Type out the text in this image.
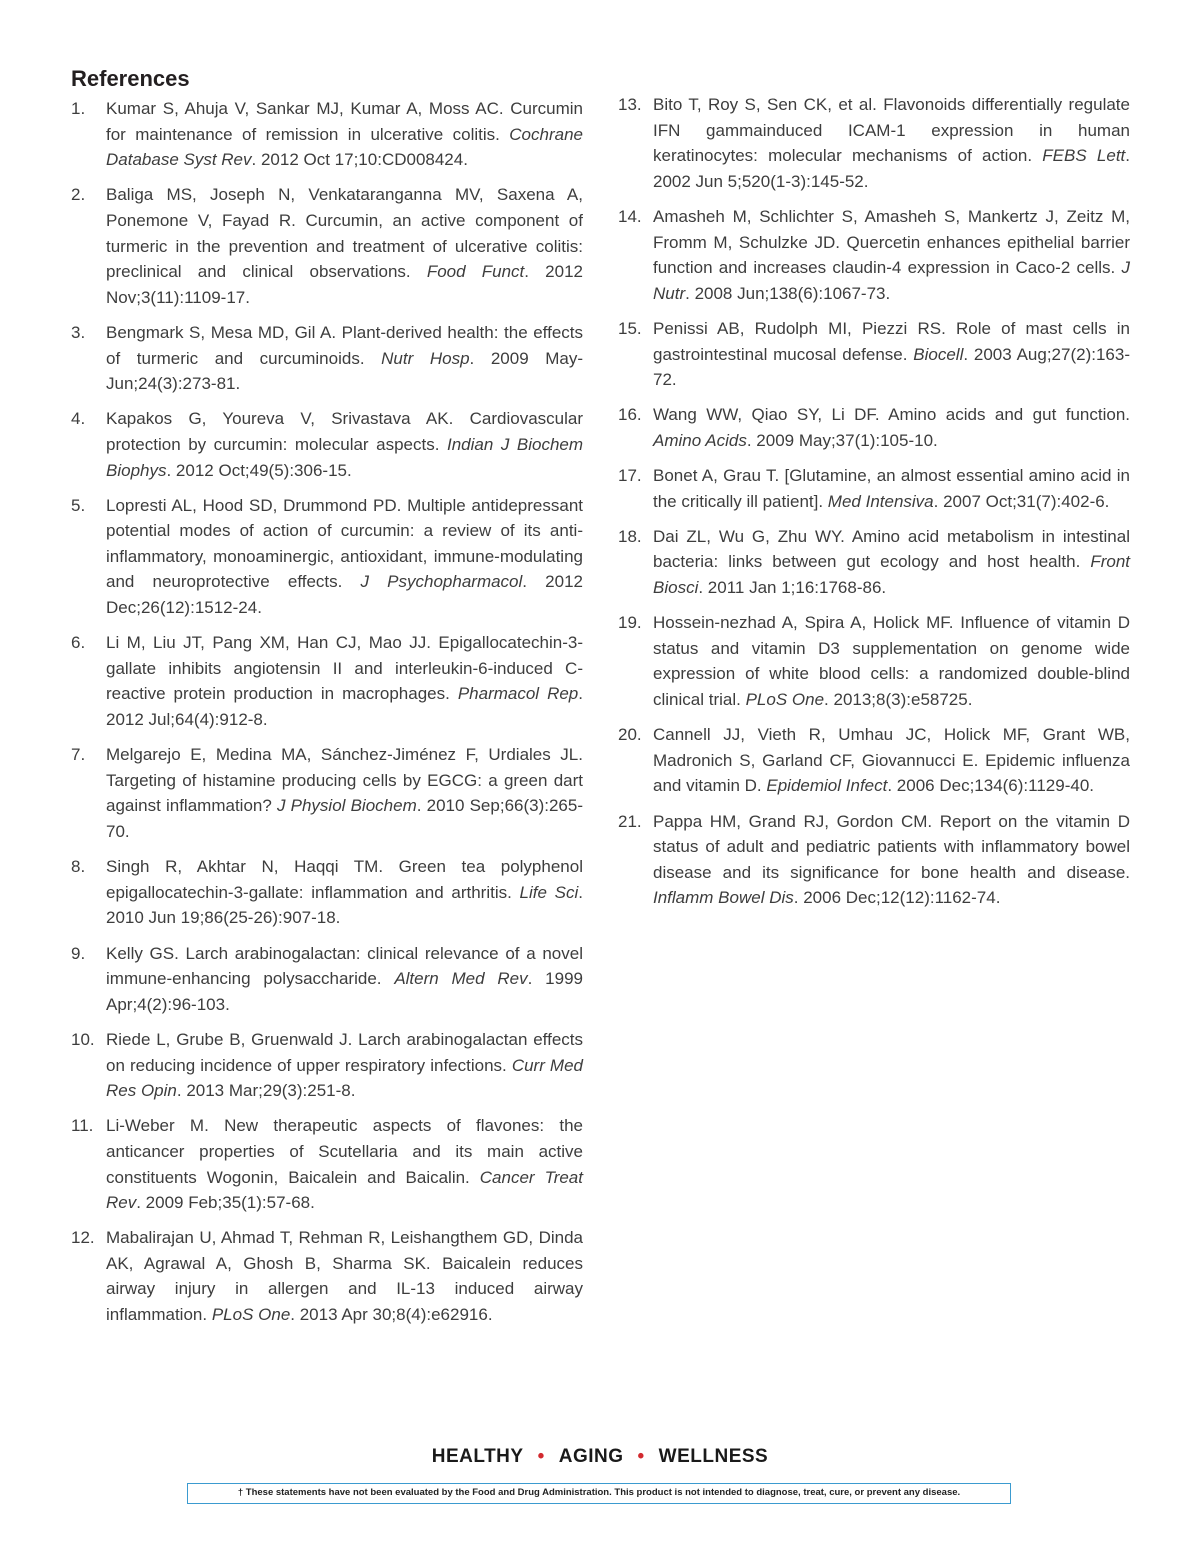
References
1. Kumar S, Ahuja V, Sankar MJ, Kumar A, Moss AC. Curcumin for maintenance of remission in ulcerative colitis. Cochrane Database Syst Rev. 2012 Oct 17;10:CD008424.
2. Baliga MS, Joseph N, Venkataranganna MV, Saxena A, Ponemone V, Fayad R. Curcumin, an active component of turmeric in the prevention and treatment of ulcerative colitis: preclinical and clinical observations. Food Funct. 2012 Nov;3(11):1109-17.
3. Bengmark S, Mesa MD, Gil A. Plant-derived health: the effects of turmeric and curcuminoids. Nutr Hosp. 2009 May-Jun;24(3):273-81.
4. Kapakos G, Youreva V, Srivastava AK. Cardiovascular protection by curcumin: molecular aspects. Indian J Biochem Biophys. 2012 Oct;49(5):306-15.
5. Lopresti AL, Hood SD, Drummond PD. Multiple antidepressant potential modes of action of curcumin: a review of its anti-inflammatory, monoaminergic, antioxidant, immune-modulating and neuroprotective effects. J Psychopharmacol. 2012 Dec;26(12):1512-24.
6. Li M, Liu JT, Pang XM, Han CJ, Mao JJ. Epigallocatechin-3-gallate inhibits angiotensin II and interleukin-6-induced C-reactive protein production in macrophages. Pharmacol Rep. 2012 Jul;64(4):912-8.
7. Melgarejo E, Medina MA, Sánchez-Jiménez F, Urdiales JL. Targeting of histamine producing cells by EGCG: a green dart against inflammation? J Physiol Biochem. 2010 Sep;66(3):265-70.
8. Singh R, Akhtar N, Haqqi TM. Green tea polyphenol epigallocatechin-3-gallate: inflammation and arthritis. Life Sci. 2010 Jun 19;86(25-26):907-18.
9. Kelly GS. Larch arabinogalactan: clinical relevance of a novel immune-enhancing polysaccharide. Altern Med Rev. 1999 Apr;4(2):96-103.
10. Riede L, Grube B, Gruenwald J. Larch arabinogalactan effects on reducing incidence of upper respiratory infections. Curr Med Res Opin. 2013 Mar;29(3):251-8.
11. Li-Weber M. New therapeutic aspects of flavones: the anticancer properties of Scutellaria and its main active constituents Wogonin, Baicalein and Baicalin. Cancer Treat Rev. 2009 Feb;35(1):57-68.
12. Mabalirajan U, Ahmad T, Rehman R, Leishangthem GD, Dinda AK, Agrawal A, Ghosh B, Sharma SK. Baicalein reduces airway injury in allergen and IL-13 induced airway inflammation. PLoS One. 2013 Apr 30;8(4):e62916.
13. Bito T, Roy S, Sen CK, et al. Flavonoids differentially regulate IFN gammainduced ICAM-1 expression in human keratinocytes: molecular mechanisms of action. FEBS Lett. 2002 Jun 5;520(1-3):145-52.
14. Amasheh M, Schlichter S, Amasheh S, Mankertz J, Zeitz M, Fromm M, Schulzke JD. Quercetin enhances epithelial barrier function and increases claudin-4 expression in Caco-2 cells. J Nutr. 2008 Jun;138(6):1067-73.
15. Penissi AB, Rudolph MI, Piezzi RS. Role of mast cells in gastrointestinal mucosal defense. Biocell. 2003 Aug;27(2):163-72.
16. Wang WW, Qiao SY, Li DF. Amino acids and gut function. Amino Acids. 2009 May;37(1):105-10.
17. Bonet A, Grau T. [Glutamine, an almost essential amino acid in the critically ill patient]. Med Intensiva. 2007 Oct;31(7):402-6.
18. Dai ZL, Wu G, Zhu WY. Amino acid metabolism in intestinal bacteria: links between gut ecology and host health. Front Biosci. 2011 Jan 1;16:1768-86.
19. Hossein-nezhad A, Spira A, Holick MF. Influence of vitamin D status and vitamin D3 supplementation on genome wide expression of white blood cells: a randomized double-blind clinical trial. PLoS One. 2013;8(3):e58725.
20. Cannell JJ, Vieth R, Umhau JC, Holick MF, Grant WB, Madronich S, Garland CF, Giovannucci E. Epidemic influenza and vitamin D. Epidemiol Infect. 2006 Dec;134(6):1129-40.
21. Pappa HM, Grand RJ, Gordon CM. Report on the vitamin D status of adult and pediatric patients with inflammatory bowel disease and its significance for bone health and disease. Inflamm Bowel Dis. 2006 Dec;12(12):1162-74.
HEALTHY • AGING • WELLNESS
† These statements have not been evaluated by the Food and Drug Administration. This product is not intended to diagnose, treat, cure, or prevent any disease.
